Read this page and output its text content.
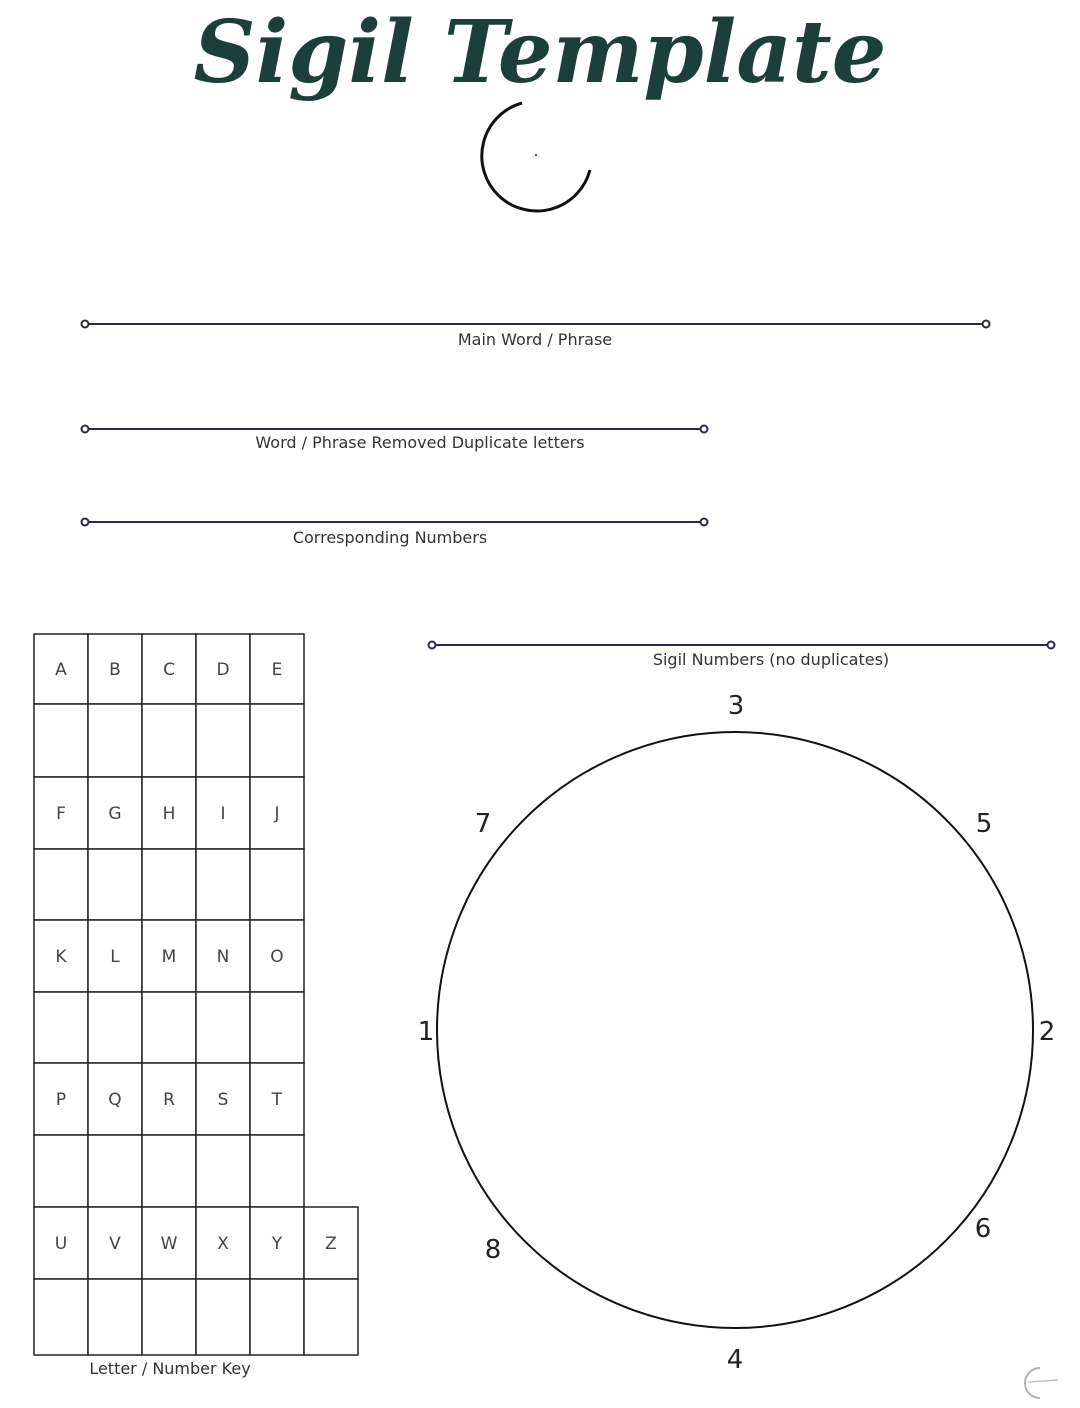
Sigil Template
Main Word / Phrase
Word / Phrase Removed Duplicate letters
Corresponding Numbers
Sigil Numbers (no duplicates)
A B C D E
F	G H	I	J
K	L M N O
P Q R	S	T
U V W X	Y	Z
Letter / Number Key
3
5
2
6
4
8
1
7
